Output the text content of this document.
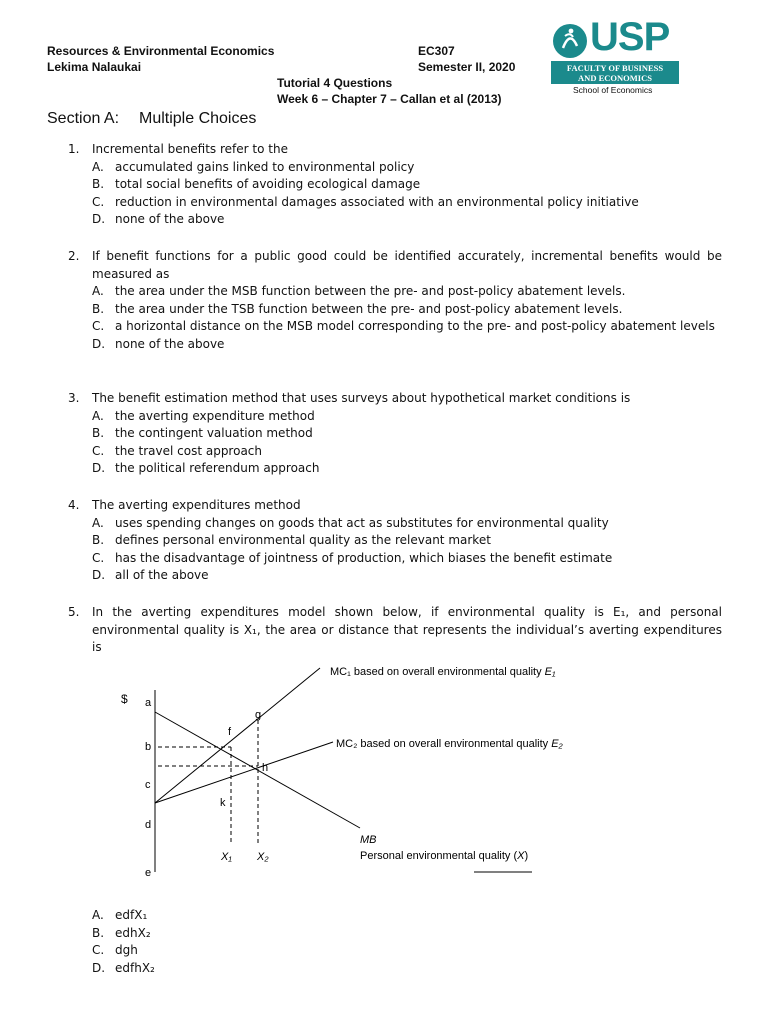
Resources & Environmental Economics	EC307
Lekima Nalaukai	Semester II, 2020
Tutorial 4 Questions
Week 6 – Chapter 7 – Callan et al (2013)
USP
FACULTY OF BUSINESS
AND ECONOMICS
School of Economics
Section A: Multiple Choices
1. Incremental benefits refer to the
A. accumulated gains linked to environmental policy
B. total social benefits of avoiding ecological damage
C. reduction in environmental damages associated with an environmental policy initiative
D. none of the above
2. If benefit functions for a public good could be identified accurately, incremental benefits would be measured as
A. the area under the MSB function between the pre- and post-policy abatement levels.
B. the area under the TSB function between the pre- and post-policy abatement levels.
C. a horizontal distance on the MSB model corresponding to the pre- and post-policy abatement levels
D. none of the above
3. The benefit estimation method that uses surveys about hypothetical market conditions is
A. the averting expenditure method
B. the contingent valuation method
C. the travel cost approach
D. the political referendum approach
4. The averting expenditures method
A. uses spending changes on goods that act as substitutes for environmental quality
B. defines personal environmental quality as the relevant market
C. has the disadvantage of jointness of production, which biases the benefit estimate
D. all of the above
5. In the averting expenditures model shown below, if environmental quality is E₁, and personal environmental quality is X₁, the area or distance that represents the individual’s averting expenditures is
$ a
b
c
d
e
f
g
h
k
X₁ X₂
MC₁ based on overall environmental quality E₁
MC₂ based on overall environmental quality E₂
MB
Personal environmental quality (X)
A. edfX₁
B. edhX₂
C. dgh
D. edfhX₂
